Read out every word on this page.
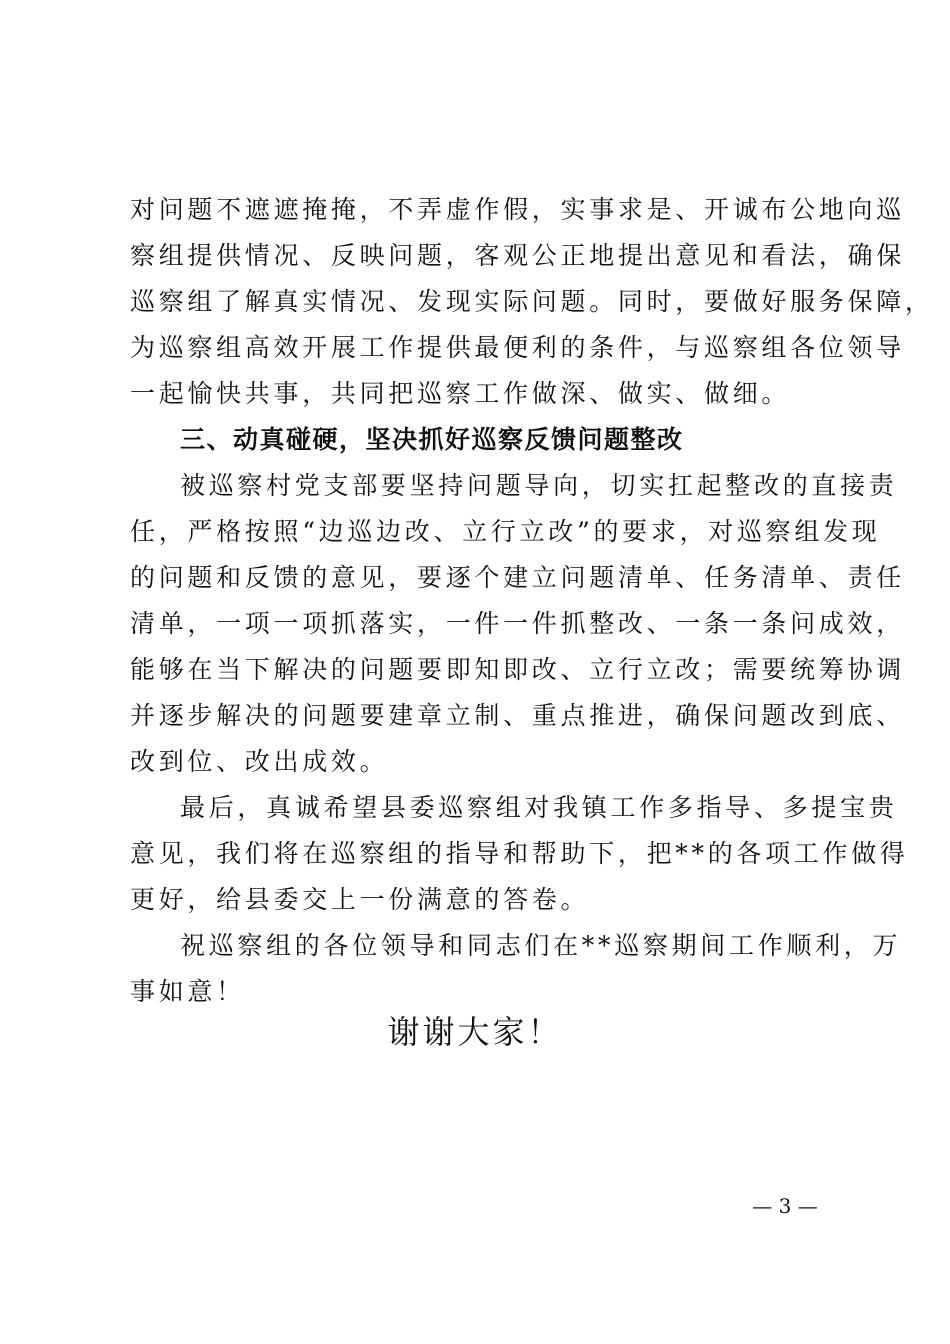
对问题不遮遮掩掩，不弄虚作假，实事求是、开诚布公地向巡
察组提供情况、反映问题，客观公正地提出意见和看法，确保
巡察组了解真实情况、发现实际问题。同时，要做好服务保障，
为巡察组高效开展工作提供最便利的条件，与巡察组各位领导
一起愉快共事，共同把巡察工作做深、做实、做细。
三、动真碰硬，坚决抓好巡察反馈问题整改
被巡察村党支部要坚持问题导向，切实扛起整改的直接责
任，严格按照“边巡边改、立行立改”的要求，对巡察组发现
的问题和反馈的意见，要逐个建立问题清单、任务清单、责任
清单，一项一项抓落实，一件一件抓整改、一条一条问成效，
能够在当下解决的问题要即知即改、立行立改；需要统筹协调
并逐步解决的问题要建章立制、重点推进，确保问题改到底、
改到位、改出成效。
最后，真诚希望县委巡察组对我镇工作多指导、多提宝贵
意见，我们将在巡察组的指导和帮助下，把**的各项工作做得
更好，给县委交上一份满意的答卷。
祝巡察组的各位领导和同志们在**巡察期间工作顺利，万
事如意！
谢谢大家！
— 3 —
